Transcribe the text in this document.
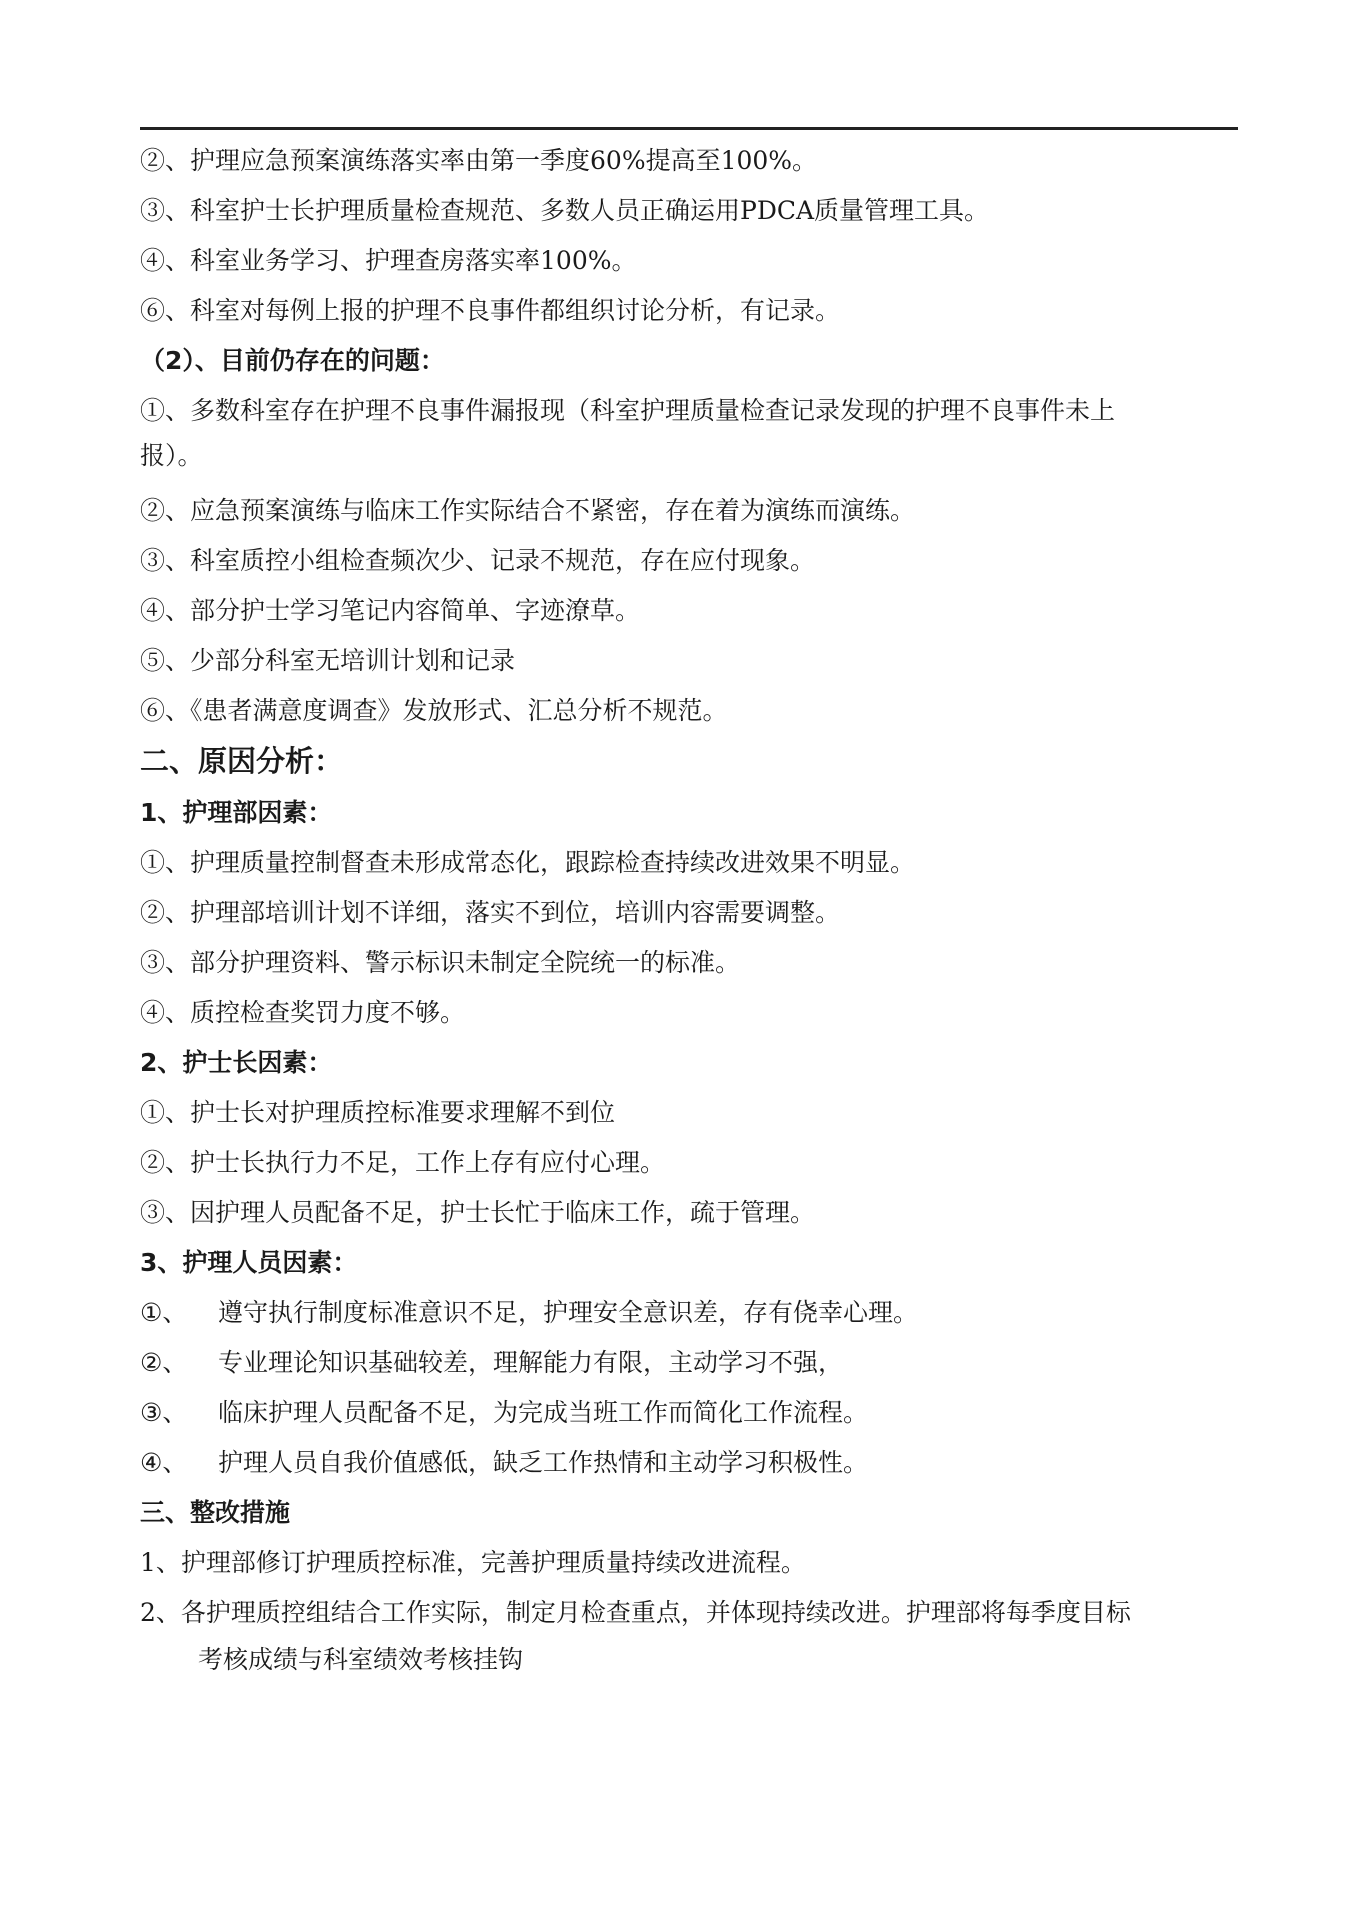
②、护理应急预案演练落实率由第一季度60%提高至100%。
③、科室护士长护理质量检查规范、多数人员正确运用PDCA质量管理工具。
④、科室业务学习、护理查房落实率100%。
⑥、科室对每例上报的护理不良事件都组织讨论分析，有记录。
（2）、目前仍存在的问题：
①、多数科室存在护理不良事件漏报现（科室护理质量检查记录发现的护理不良事件未上
报）。
②、应急预案演练与临床工作实际结合不紧密，存在着为演练而演练。
③、科室质控小组检查频次少、记录不规范，存在应付现象。
④、部分护士学习笔记内容简单、字迹潦草。
⑤、少部分科室无培训计划和记录
⑥、《患者满意度调查》发放形式、汇总分析不规范。
二、原因分析：
1、护理部因素：
①、护理质量控制督查未形成常态化，跟踪检查持续改进效果不明显。
②、护理部培训计划不详细，落实不到位，培训内容需要调整。
③、部分护理资料、警示标识未制定全院统一的标准。
④、质控检查奖罚力度不够。
2、护士长因素：
①、护士长对护理质控标准要求理解不到位
②、护士长执行力不足，工作上存有应付心理。
③、因护理人员配备不足，护士长忙于临床工作，疏于管理。
3、护理人员因素：
①、 遵守执行制度标准意识不足，护理安全意识差，存有侥幸心理。
②、 专业理论知识基础较差，理解能力有限，主动学习不强，
③、 临床护理人员配备不足，为完成当班工作而简化工作流程。
④、 护理人员自我价值感低，缺乏工作热情和主动学习积极性。
三、整改措施
1、护理部修订护理质控标准，完善护理质量持续改进流程。
2、各护理质控组结合工作实际，制定月检查重点，并体现持续改进。护理部将每季度目标
考核成绩与科室绩效考核挂钩
